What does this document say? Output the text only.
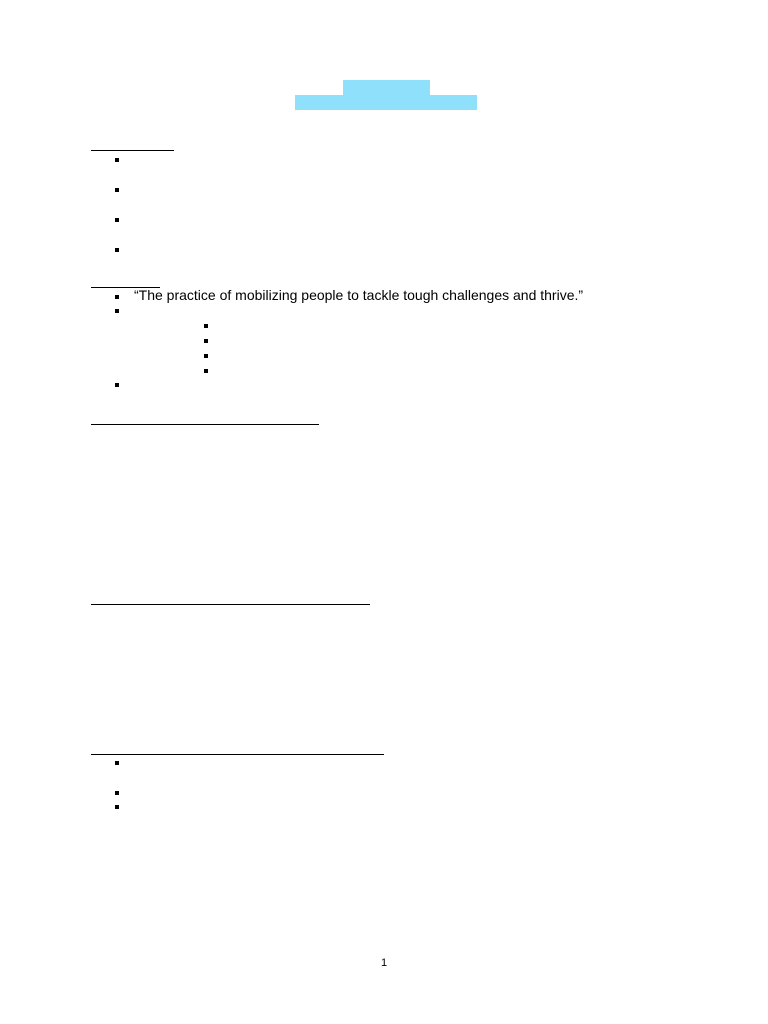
“The practice of mobilizing people to tackle tough challenges and thrive.”
1
